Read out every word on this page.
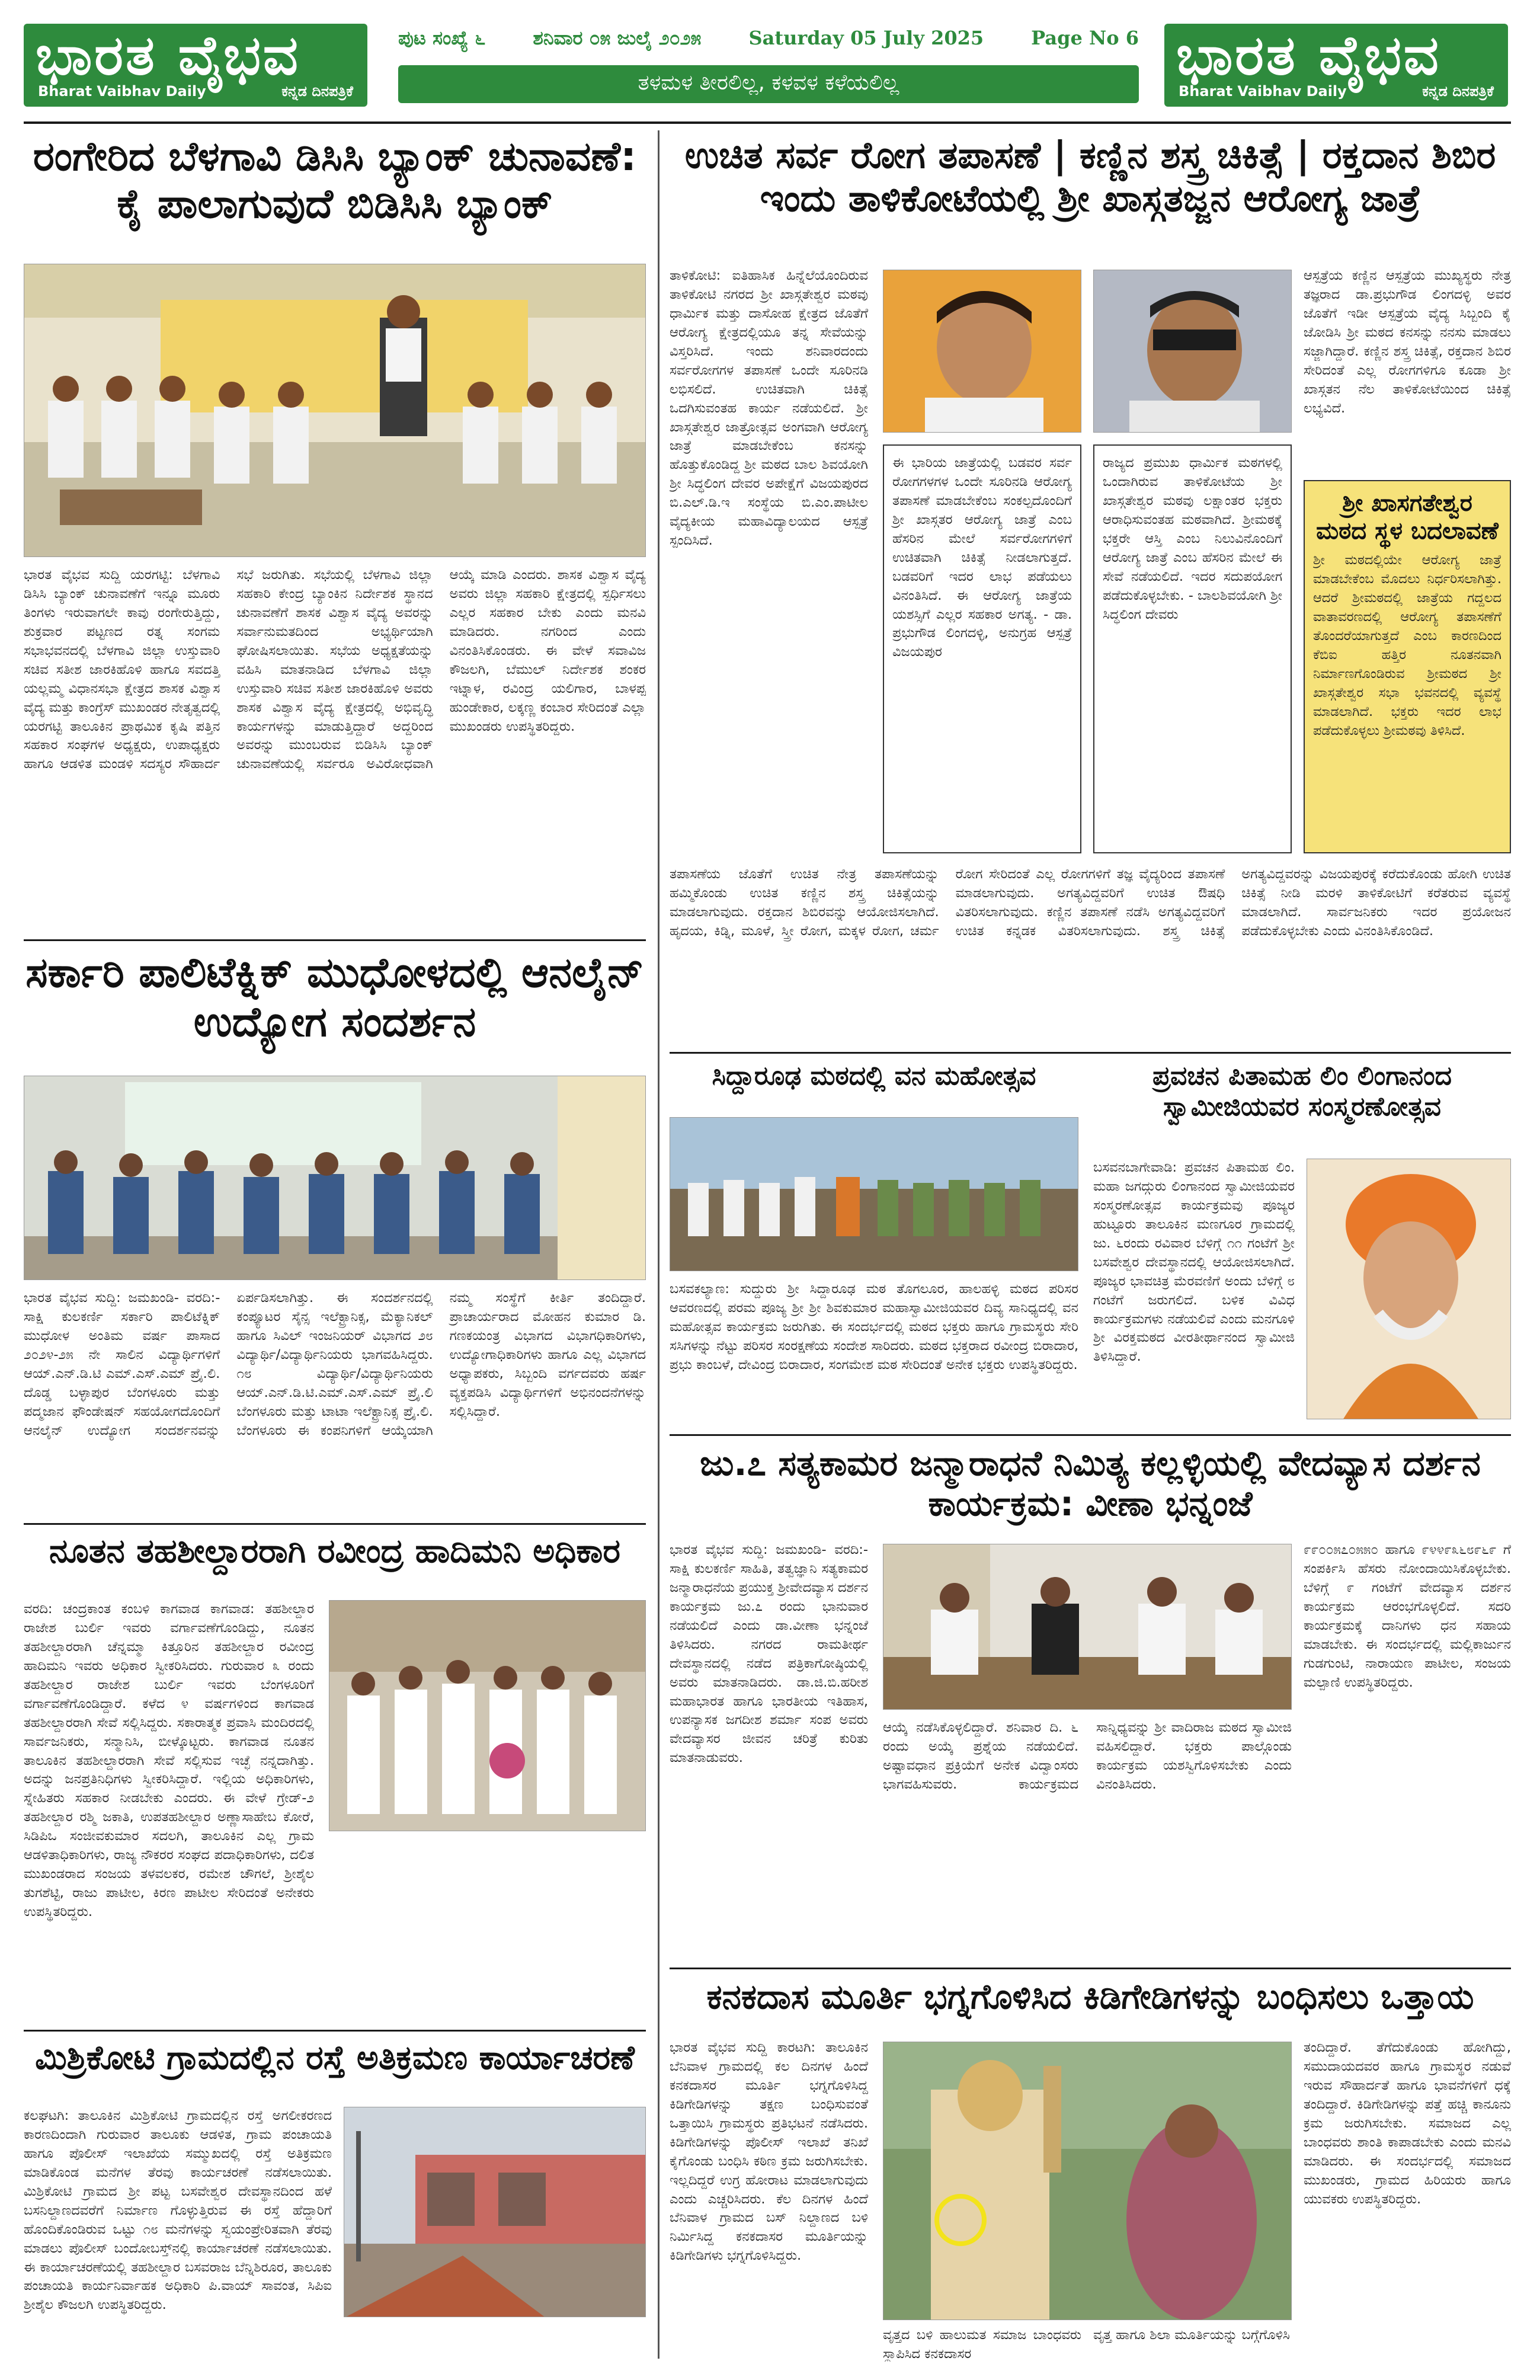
ಭಾರತ ವೈಭವ
Bharat Vaibhav Daily	ಕನ್ನಡ ದಿನಪತ್ರಿಕೆ
ಪುಟ ಸಂಖ್ಯೆ ೬	ಶನಿವಾರ ೦೫ ಜುಲೈ ೨೦೨೫	Saturday 05 July 2025	Page No 6
ತಳಮಳ ತೀರಲಿಲ್ಲ, ಕಳವಳ ಕಳೆಯಲಿಲ್ಲ	ಭಾರತ ವೈಭವ
Bharat Vaibhav Daily	ಕನ್ನಡ ದಿನಪತ್ರಿಕೆ
ರಂಗೇರಿದ ಬೆಳಗಾವಿ ಡಿಸಿಸಿ ಬ್ಯಾಂಕ್ ಚುನಾವಣೆ: ಕೈ ಪಾಲಾಗುವುದೆ ಬಿಡಿಸಿಸಿ ಬ್ಯಾಂಕ್
ಭಾರತ ವೈಭವ ಸುದ್ದಿ ಯರಗಟ್ಟಿ: ಬೆಳಗಾವಿ ಡಿಸಿಸಿ ಬ್ಯಾಂಕ್ ಚುನಾವಣೆಗೆ ಇನ್ನೂ ಮೂರು ತಿಂಗಳು ಇರುವಾಗಲೇ ಕಾವು ರಂಗೇರುತ್ತಿದ್ದು, ಶುಕ್ರವಾರ ಪಟ್ಟಣದ ರತ್ನ ಸಂಗಮ ಸಭಾಭವನದಲ್ಲಿ ಬೆಳಗಾವಿ ಜಿಲ್ಲಾ ಉಸ್ತುವಾರಿ ಸಚಿವ ಸತೀಶ ಜಾರಕಿಹೊಳಿ ಹಾಗೂ ಸವದತ್ತಿ ಯಲ್ಲಮ್ಮ ವಿಧಾನಸಭಾ ಕ್ಷೇತ್ರದ ಶಾಸಕ ವಿಶ್ವಾಸ ವೈದ್ಯ ಮತ್ತು ಕಾಂಗ್ರೆಸ್ ಮುಖಂಡರ ನೇತೃತ್ವದಲ್ಲಿ ಯರಗಟ್ಟಿ ತಾಲೂಕಿನ ಪ್ರಾಥಮಿಕ ಕೃಷಿ ಪತ್ತಿನ ಸಹಕಾರ ಸಂಘಗಳ ಅಧ್ಯಕ್ಷರು, ಉಪಾಧ್ಯಕ್ಷರು ಹಾಗೂ ಆಡಳಿತ ಮಂಡಳಿ ಸದಸ್ಯರ ಸೌಹಾರ್ದ ಸಭೆ ಜರುಗಿತು. ಸಭೆಯಲ್ಲಿ ಬೆಳಗಾವಿ ಜಿಲ್ಲಾ ಸಹಕಾರಿ ಕೇಂದ್ರ ಬ್ಯಾಂಕಿನ ನಿರ್ದೇಶಕ ಸ್ಥಾನದ ಚುನಾವಣೆಗೆ ಶಾಸಕ ವಿಶ್ವಾಸ ವೈದ್ಯ ಅವರನ್ನು ಸರ್ವಾನುಮತದಿಂದ ಅಭ್ಯರ್ಥಿಯಾಗಿ ಘೋಷಿಸಲಾಯಿತು. ಸಭೆಯ ಅಧ್ಯಕ್ಷತೆಯನ್ನು ವಹಿಸಿ ಮಾತನಾಡಿದ ಬೆಳಗಾವಿ ಜಿಲ್ಲಾ ಉಸ್ತುವಾರಿ ಸಚಿವ ಸತೀಶ ಜಾರಕಿಹೊಳಿ ಅವರು ಶಾಸಕ ವಿಶ್ವಾಸ ವೈದ್ಯ ಕ್ಷೇತ್ರದಲ್ಲಿ ಅಭಿವೃದ್ಧಿ ಕಾರ್ಯಗಳನ್ನು ಮಾಡುತ್ತಿದ್ದಾರೆ ಅದ್ದರಿಂದ ಅವರನ್ನು ಮುಂಬರುವ ಬಿಡಿಸಿಸಿ ಬ್ಯಾಂಕ್ ಚುನಾವಣೆಯಲ್ಲಿ ಸರ್ವರೂ ಅವಿರೋಧವಾಗಿ ಆಯ್ಕೆ ಮಾಡಿ ಎಂದರು. ಶಾಸಕ ವಿಶ್ವಾಸ ವೈದ್ಯ ಅವರು ಜಿಲ್ಲಾ ಸಹಕಾರಿ ಕ್ಷೇತ್ರದಲ್ಲಿ ಸ್ಪರ್ಧಿಸಲು ಎಲ್ಲರ ಸಹಕಾರ ಬೇಕು ಎಂದು ಮನವಿ ಮಾಡಿದರು. ನಗರಿಂದ ಎಂದು ವಿನಂತಿಸಿಕೊಂಡರು. ಈ ವೇಳೆ ಸವಾವಿಜ ಕೌಜಲಗಿ, ಬೆಮುಲ್ ನಿರ್ದೇಶಕ ಶಂಕರ ಇಟ್ನಾಳ, ರವಿಂದ್ರ ಯಲಿಗಾರ, ಬಾಳಪ್ಪ ಹುಂಡೇಕಾರ, ಲಕ್ಕಣ್ಣ ಕಂಬಾರ ಸೇರಿದಂತೆ ಎಲ್ಲಾ ಮುಖಂಡರು ಉಪಸ್ಥಿತರಿದ್ದರು.
ಸರ್ಕಾರಿ ಪಾಲಿಟೆಕ್ನಿಕ್ ಮುಧೋಳದಲ್ಲಿ ಆನಲೈನ್ ಉದ್ಯೋಗ ಸಂದರ್ಶನ
ಭಾರತ ವೈಭವ ಸುದ್ದಿ: ಜಮಖಂಡಿ- ವರದಿ:- ಸಾಕ್ಷಿ ಕುಲಕರ್ಣಿ ಸರ್ಕಾರಿ ಪಾಲಿಟೆಕ್ನಿಕ್ ಮುಧೋಳ ಅಂತಿಮ ವರ್ಷ ಪಾಸಾದ ೨೦೨೪-೨೫ ನೇ ಸಾಲಿನ ವಿದ್ಯಾರ್ಥಿಗಳಿಗೆ ಆಯ್.ಎನ್.ಡಿ.ಟಿ ಎಮ್.ಎಸ್.ಎಮ್ ಪ್ರೈ.ಲಿ. ದೊಡ್ಡ ಬಳ್ಳಾಪುರ ಬೆಂಗಳೂರು ಮತ್ತು ಪದ್ಮಜಾನ ಫೌಂಡೇಷನ್ ಸಹಯೋಗದೊಂದಿಗೆ ಆನಲೈನ್ ಉದ್ಯೋಗ ಸಂದರ್ಶನವನ್ನು ಏರ್ಪಡಿಸಲಾಗಿತ್ತು. ಈ ಸಂದರ್ಶನದಲ್ಲಿ ಕಂಪ್ಯೂಟರ ಸೈನ್ಸ ಇಲೆಕ್ಟ್ರಾನಿಕ್ಸ, ಮೆಕ್ಯಾನಿಕಲ್ ಹಾಗೂ ಸಿವಿಲ್ ಇಂಜನಿಯರ್ ವಿಭಾಗದ ೨೮ ವಿದ್ಯಾರ್ಥಿ/ವಿದ್ಯಾರ್ಥಿನಿಯರು ಭಾಗವಹಿಸಿದ್ದರು. ೧೮ ವಿದ್ಯಾರ್ಥಿ/ವಿದ್ಯಾರ್ಥಿನಿಯರು ಆಯ್.ಎನ್.ಡಿ.ಟಿ.ಎಮ್.ಎಸ್.ಎಮ್ ಪ್ರೈ.ಲಿ ಬೆಂಗಳೂರು ಮತ್ತು ಟಾಟಾ ಇಲೆಕ್ಟ್ರಾನಿಕ್ಸ ಪ್ರೈ.ಲಿ. ಬೆಂಗಳೂರು ಈ ಕಂಪನಿಗಳಿಗೆ ಆಯ್ಕೆಯಾಗಿ ನಮ್ಮ ಸಂಸ್ಥೆಗೆ ಕೀರ್ತಿ ತಂದಿದ್ದಾರೆ. ಪ್ರಾಚಾರ್ಯರಾದ ಮೋಹನ ಕುಮಾರ ಡಿ. ಗಣಕಯಂತ್ರ ವಿಭಾಗದ ವಿಭಾಗಧಿಕಾರಿಗಳು, ಉದ್ಯೋಗಾಧಿಕಾರಿಗಳು ಹಾಗೂ ಎಲ್ಲ ವಿಭಾಗದ ಅಧ್ಯಾಪಕರು, ಸಿಬ್ಬಂದಿ ವರ್ಗದವರು ಹರ್ಷ ವ್ಯಕ್ತಪಡಿಸಿ ವಿದ್ಯಾರ್ಥಿಗಳಿಗೆ ಅಭಿನಂದನೆಗಳನ್ನು ಸಲ್ಲಿಸಿದ್ದಾರೆ.
ನೂತನ ತಹಶೀಲ್ದಾರರಾಗಿ ರವೀಂದ್ರ ಹಾದಿಮನಿ ಅಧಿಕಾರ
ವರದಿ: ಚಂದ್ರಕಾಂತ ಕಂಬಳಿ ಕಾಗವಾಡ ಕಾಗವಾಡ: ತಹಶೀಲ್ದಾರ ರಾಜೇಶ ಬುರ್ಲಿ ಇವರು ವರ್ಗಾವಣೆಗೊಂಡಿದ್ದು, ನೂತನ ತಹಶೀಲ್ದಾರರಾಗಿ ಚೆನ್ನಮ್ಮಾ ಕಿತ್ತೂರಿನ ತಹಶೀಲ್ದಾರ ರವೀಂದ್ರ ಹಾದಿಮನಿ ಇವರು ಅಧಿಕಾರ ಸ್ವೀಕರಿಸಿದರು. ಗುರುವಾರ ೩ ರಂದು ತಹಶೀಲ್ದಾರ ರಾಜೇಶ ಬುರ್ಲಿ ಇವರು ಬೆಂಗಳೂರಿಗೆ ವರ್ಗಾವಣೆಗೊಂಡಿದ್ದಾರೆ. ಕಳೆದ ೪ ವರ್ಷಗಳಿಂದ ಕಾಗವಾಡ ತಹಶೀಲ್ದಾರರಾಗಿ ಸೇವೆ ಸಲ್ಲಿಸಿದ್ದರು. ಸಕಾರಾತ್ಮಕ ಪ್ರವಾಸಿ ಮಂದಿರದಲ್ಲಿ ಸಾರ್ವಜನಿಕರು, ಸನ್ಮಾನಿಸಿ, ಬೀಳ್ಕೊಟ್ಟರು. ಕಾಗವಾಡ ನೂತನ ತಾಲೂಕಿನ ತಹಶೀಲ್ದಾರರಾಗಿ ಸೇವೆ ಸಲ್ಲಿಸುವ ಇಚ್ಛೆ ನನ್ನದಾಗಿತ್ತು. ಅದನ್ನು ಜನಪ್ರತಿನಿಧಿಗಳು ಸ್ವೀಕರಿಸಿದ್ದಾರೆ. ಇಲ್ಲಿಯ ಅಧಿಕಾರಿಗಳು, ಸ್ನೇಹಿತರು ಸಹಕಾರ ನೀಡಬೇಕು ಎಂದರು. ಈ ವೇಳೆ ಗ್ರೇಡ್-೨ ತಹಶೀಲ್ದಾರ ರಶ್ಮಿ ಜಕಾತಿ, ಉಪತಹಶೀಲ್ದಾರ ಅಣ್ಣಾಸಾಹೇಬ ಕೋರೆ, ಸಿಡಿಪಿಒ ಸಂಜೀವಕುಮಾರ ಸದಲಗಿ, ತಾಲೂಕಿನ ಎಲ್ಲ ಗ್ರಾಮ ಆಡಳಿತಾಧಿಕಾರಿಗಳು, ರಾಜ್ಯ ನೌಕರರ ಸಂಘದ ಪದಾಧಿಕಾರಿಗಳು, ದಲಿತ ಮುಖಂಡರಾದ ಸಂಜಯ ತಳವಲಕರ, ರಮೇಶ ಚೌಗಲೆ, ಶ್ರೀಶೈಲ ತುಗಶೆಟ್ಟಿ, ರಾಜು ಪಾಟೀಲ, ಕಿರಣ ಪಾಟೀಲ ಸೇರಿದಂತೆ ಅನೇಕರು ಉಪಸ್ಥಿತರಿದ್ದರು.
ಮಿಶ್ರಿಕೋಟಿ ಗ್ರಾಮದಲ್ಲಿನ ರಸ್ತೆ ಅತಿಕ್ರಮಣ ಕಾರ್ಯಾಚರಣೆ
ಕಲಘಟಗಿ: ತಾಲೂಕಿನ ಮಿಶ್ರಿಕೋಟಿ ಗ್ರಾಮದಲ್ಲಿನ ರಸ್ತೆ ಅಗಲೀಕರಣದ ಕಾರಣದಿಂದಾಗಿ ಗುರುವಾರ ತಾಲೂಕು ಆಡಳಿತ, ಗ್ರಾಮ ಪಂಚಾಯತಿ ಹಾಗೂ ಪೊಲೀಸ್ ಇಲಾಖೆಯ ಸಮ್ಮುಖದಲ್ಲಿ ರಸ್ತೆ ಅತಿಕ್ರಮಣ ಮಾಡಿಕೊಂಡ ಮನೆಗಳ ತೆರವು ಕಾರ್ಯಚರಣೆ ನಡೆಸಲಾಯಿತು. ಮಿಶ್ರಿಕೋಟಿ ಗ್ರಾಮದ ಶ್ರೀ ಪಟ್ಟ ಬಸವೇಶ್ವರ ದೇವಸ್ಥಾನದಿಂದ ಹಳೆ ಬಸನಿಲ್ದಾಣದವರೆಗೆ ನಿರ್ಮಾಣ ಗೊಳ್ಳುತ್ತಿರುವ ಈ ರಸ್ತೆ ಹೆದ್ದಾರಿಗೆ ಹೊಂದಿಕೊಂಡಿರುವ ಒಟ್ಟು ೧೮ ಮನೆಗಳನ್ನು ಸ್ವಯಂಪ್ರೇರಿತವಾಗಿ ತೆರವು ಮಾಡಲು ಪೊಲೀಸ್ ಬಂದೋಬಸ್ತ್‌ನಲ್ಲಿ ಕಾರ್ಯಾಚರಣೆ ನಡೆಸಲಾಯಿತು. ಈ ಕಾರ್ಯಾಚರಣೆಯಲ್ಲಿ ತಹಶೀಲ್ದಾರ ಬಸವರಾಜ ಬೆನ್ನಿಶಿರೂರ, ತಾಲೂಕು ಪಂಚಾಯತಿ ಕಾರ್ಯನಿರ್ವಾಹಕ ಅಧಿಕಾರಿ ಪಿ.ವಾಯ್ ಸಾವಂತ, ಸಿಪಿಐ ಶ್ರೀಶೈಲ ಕೌಜಲಗಿ ಉಪಸ್ಥಿತರಿದ್ದರು.
ಉಚಿತ ಸರ್ವ ರೋಗ ತಪಾಸಣೆ | ಕಣ್ಣಿನ ಶಸ್ತ್ರ ಚಿಕಿತ್ಸೆ | ರಕ್ತದಾನ ಶಿಬಿರ ಇಂದು ತಾಳಿಕೋಟೆಯಲ್ಲಿ ಶ್ರೀ ಖಾಸ್ಗತಜ್ಜನ ಆರೋಗ್ಯ ಜಾತ್ರೆ
ತಾಳಿಕೋಟಿ: ಐತಿಹಾಸಿಕ ಹಿನ್ನೆಲೆಯೊಂದಿರುವ ತಾಳಿಕೋಟಿ ನಗರದ ಶ್ರೀ ಖಾಸ್ಗತೇಶ್ವರ ಮಠವು ಧಾರ್ಮಿಕ ಮತ್ತು ದಾಸೋಹ ಕ್ಷೇತ್ರದ ಜೊತೆಗೆ ಆರೋಗ್ಯ ಕ್ಷೇತ್ರದಲ್ಲಿಯೂ ತನ್ನ ಸೇವೆಯನ್ನು ವಿಸ್ತರಿಸಿದೆ. ಇಂದು ಶನಿವಾರದಂದು ಸರ್ವರೋಗಗಳ ತಪಾಸಣೆ ಒಂದೇ ಸೂರಿನಡಿ ಲಭಿಸಲಿದೆ. ಉಚಿತವಾಗಿ ಚಿಕಿತ್ಸೆ ಒದಗಿಸುವಂತಹ ಕಾರ್ಯ ನಡೆಯಲಿದೆ. ಶ್ರೀ ಖಾಸ್ಗತೇಶ್ವರ ಜಾತ್ರೋತ್ಸವ ಅಂಗವಾಗಿ ಆರೋಗ್ಯ ಜಾತ್ರೆ ಮಾಡಬೇಕೆಂಬ ಕನಸನ್ನು ಹೊತ್ತುಕೊಂಡಿದ್ದ ಶ್ರೀ ಮಠದ ಬಾಲ ಶಿವಯೋಗಿ ಶ್ರೀ ಸಿದ್ಧಲಿಂಗ ದೇವರ ಅಪೇಕ್ಷೆಗೆ ವಿಜಯಪುರದ ಬಿ.ಎಲ್.ಡಿ.ಇ ಸಂಸ್ಥೆಯ ಬಿ.ಎಂ.ಪಾಟೀಲ ವೈದ್ಯಕೀಯ ಮಹಾವಿದ್ಯಾಲಯದ ಆಸ್ಪತ್ರೆ ಸ್ಪಂದಿಸಿದೆ.
ಆಸ್ಪತ್ರೆಯ ಕಣ್ಣಿನ ಆಸ್ಪತ್ರೆಯ ಮುಖ್ಯಸ್ಥರು ನೇತ್ರ ತಜ್ಞರಾದ ಡಾ.ಪ್ರಭುಗೌಡ ಲಿಂಗದಳ್ಳಿ ಅವರ ಜೊತೆಗೆ ಇಡೀ ಆಸ್ಪತ್ರೆಯ ವೈದ್ಯ ಸಿಬ್ಬಂದಿ ಕೈ ಜೋಡಿಸಿ ಶ್ರೀ ಮಠದ ಕನಸನ್ನು ನನಸು ಮಾಡಲು ಸಜ್ಜಾಗಿದ್ದಾರೆ. ಕಣ್ಣಿನ ಶಸ್ತ್ರ ಚಿಕಿತ್ಸೆ, ರಕ್ತದಾನ ಶಿಬಿರ ಸೇರಿದಂತೆ ಎಲ್ಲ ರೋಗಗಳಿಗೂ ಕೂಡಾ ಶ್ರೀ ಖಾಸ್ಗತನ ನೆಲ ತಾಳಿಕೋಟೆಯಿಂದ ಚಿಕಿತ್ಸೆ ಲಭ್ಯವಿದೆ.
ಈ ಭಾರಿಯ ಜಾತ್ರೆಯಲ್ಲಿ ಬಡವರ ಸರ್ವ ರೋಗಗಳಗಳ ಒಂದೇ ಸೂರಿನಡಿ ಆರೋಗ್ಯ ತಪಾಸಣೆ ಮಾಡಬೇಕೆಂಬ ಸಂಕಲ್ಪದೊಂದಿಗೆ ಶ್ರೀ ಖಾಸ್ಗತರ ಆರೋಗ್ಯ ಜಾತ್ರೆ ಎಂಬ ಹೆಸರಿನ ಮೇಲೆ ಸರ್ವರೋಗಗಳಿಗೆ ಉಚಿತವಾಗಿ ಚಿಕಿತ್ಸೆ ನೀಡಲಾಗುತ್ತದೆ. ಬಡವರಿಗೆ ಇದರ ಲಾಭ ಪಡೆಯಲು ವಿನಂತಿಸಿದೆ. ಈ ಆರೋಗ್ಯ ಜಾತ್ರೆಯ ಯಶಸ್ಸಿಗೆ ಎಲ್ಲರ ಸಹಕಾರ ಅಗತ್ಯ. - ಡಾ. ಪ್ರಭುಗೌಡ ಲಿಂಗದಳ್ಳಿ, ಅನುಗ್ರಹ ಆಸ್ಪತ್ರೆ ವಿಜಯಪುರ
ರಾಜ್ಯದ ಪ್ರಮುಖ ಧಾರ್ಮಿಕ ಮಠಗಳಲ್ಲಿ ಒಂದಾಗಿರುವ ತಾಳಿಕೋಟೆಯ ಶ್ರೀ ಖಾಸ್ಗತೇಶ್ವರ ಮಠವು ಲಕ್ಷಾಂತರ ಭಕ್ತರು ಆರಾಧಿಸುವಂತಹ ಮಠವಾಗಿದೆ. ಶ್ರೀಮಠಕ್ಕೆ ಭಕ್ತರೇ ಆಸ್ತಿ ಎಂಬ ನಿಲುವಿನೊಂದಿಗೆ ಆರೋಗ್ಯ ಜಾತ್ರೆ ಎಂಬ ಹೆಸರಿನ ಮೇಲೆ ಈ ಸೇವೆ ನಡೆಯಲಿದೆ. ಇದರ ಸದುಪಯೋಗ ಪಡೆದುಕೊಳ್ಳಬೇಕು. - ಬಾಲಶಿವಯೋಗಿ ಶ್ರೀ ಸಿದ್ಧಲಿಂಗ ದೇವರು
ಶ್ರೀ ಖಾಸಗತೇಶ್ವರ ಮಠದ ಸ್ಥಳ ಬದಲಾವಣೆ
ಶ್ರೀ ಮಠದಲ್ಲಿಯೇ ಆರೋಗ್ಯ ಜಾತ್ರೆ ಮಾಡಬೇಕೆಂಬ ಮೊದಲು ನಿರ್ಧರಿಸಲಾಗಿತ್ತು. ಆದರೆ ಶ್ರೀಮಠದಲ್ಲಿ ಜಾತ್ರೆಯ ಗದ್ದಲದ ವಾತಾವರಣದಲ್ಲಿ ಆರೋಗ್ಯ ತಪಾಸಣೆಗೆ ತೊಂದರೆಯಾಗುತ್ತದೆ ಎಂಬ ಕಾರಣದಿಂದ ಕೆಬಿಐ ಹತ್ತಿರ ನೂತನವಾಗಿ ನಿರ್ಮಾಣಗೊಂಡಿರುವ ಶ್ರೀಮಠದ ಶ್ರೀ ಖಾಸ್ಗತೇಶ್ವರ ಸಭಾ ಭವನದಲ್ಲಿ ವ್ಯವಸ್ಥೆ ಮಾಡಲಾಗಿದೆ. ಭಕ್ತರು ಇದರ ಲಾಭ ಪಡೆದುಕೊಳ್ಳಲು ಶ್ರೀಮಠವು ತಿಳಿಸಿದೆ.
ತಪಾಸಣೆಯ ಜೊತೆಗೆ ಉಚಿತ ನೇತ್ರ ತಪಾಸಣೆಯನ್ನು ಹಮ್ಮಿಕೊಂಡು ಉಚಿತ ಕಣ್ಣಿನ ಶಸ್ತ್ರ ಚಿಕಿತ್ಸೆಯನ್ನು ಮಾಡಲಾಗುವುದು. ರಕ್ತದಾನ ಶಿಬಿರವನ್ನು ಆಯೋಜಿಸಲಾಗಿದೆ. ಹೃದಯ, ಕಿಡ್ನಿ, ಮೂಳೆ, ಸ್ತ್ರೀ ರೋಗ, ಮಕ್ಕಳ ರೋಗ, ಚರ್ಮ ರೋಗ ಸೇರಿದಂತೆ ಎಲ್ಲ ರೋಗಗಳಿಗೆ ತಜ್ಞ ವೈದ್ಯರಿಂದ ತಪಾಸಣೆ ಮಾಡಲಾಗುವುದು. ಅಗತ್ಯವಿದ್ದವರಿಗೆ ಉಚಿತ ಔಷಧಿ ವಿತರಿಸಲಾಗುವುದು. ಕಣ್ಣಿನ ತಪಾಸಣೆ ನಡೆಸಿ ಅಗತ್ಯವಿದ್ದವರಿಗೆ ಉಚಿತ ಕನ್ನಡಕ ವಿತರಿಸಲಾಗುವುದು. ಶಸ್ತ್ರ ಚಿಕಿತ್ಸೆ ಅಗತ್ಯವಿದ್ದವರನ್ನು ವಿಜಯಪುರಕ್ಕೆ ಕರೆದುಕೊಂಡು ಹೋಗಿ ಉಚಿತ ಚಿಕಿತ್ಸೆ ನೀಡಿ ಮರಳಿ ತಾಳಿಕೋಟಿಗೆ ಕರೆತರುವ ವ್ಯವಸ್ಥೆ ಮಾಡಲಾಗಿದೆ. ಸಾರ್ವಜನಿಕರು ಇದರ ಪ್ರಯೋಜನ ಪಡೆದುಕೊಳ್ಳಬೇಕು ಎಂದು ವಿನಂತಿಸಿಕೊಂಡಿದೆ.
ಸಿದ್ದಾರೂಢ ಮಠದಲ್ಲಿ ವನ ಮಹೋತ್ಸವ
ಬಸವಕಲ್ಯಾಣ: ಸುದ್ದುರು ಶ್ರೀ ಸಿದ್ದಾರೂಢ ಮಠ ತೊಗಲೂರ, ಹಾಲಹಳ್ಳಿ ಮಠದ ಪರಿಸರ ಆವರಣದಲ್ಲಿ ಪರಮ ಪೂಜ್ಯ ಶ್ರೀ ಶ್ರೀ ಶಿವಕುಮಾರ ಮಹಾಸ್ವಾಮೀಜಿಯವರ ದಿವ್ಯ ಸಾನಿಧ್ಯದಲ್ಲಿ ವನ ಮಹೋತ್ಸವ ಕಾರ್ಯಕ್ರಮ ಜರುಗಿತು. ಈ ಸಂದರ್ಭದಲ್ಲಿ ಮಠದ ಭಕ್ತರು ಹಾಗೂ ಗ್ರಾಮಸ್ಥರು ಸೇರಿ ಸಸಿಗಳನ್ನು ನೆಟ್ಟು ಪರಿಸರ ಸಂರಕ್ಷಣೆಯ ಸಂದೇಶ ಸಾರಿದರು. ಮಠದ ಭಕ್ತರಾದ ರವೀಂದ್ರ ಬಿರಾದಾರ, ಪ್ರಭು ಕಾಂಬಳೆ, ದೇವಿಂದ್ರ ಬಿರಾದಾರ, ಸಂಗಮೇಶ ಮಠ ಸೇರಿದಂತೆ ಅನೇಕ ಭಕ್ತರು ಉಪಸ್ಥಿತರಿದ್ದರು.
ಪ್ರವಚನ ಪಿತಾಮಹ ಲಿಂ ಲಿಂಗಾನಂದ ಸ್ವಾಮೀಜಿಯವರ ಸಂಸ್ಮರಣೋತ್ಸವ
ಬಸವನಬಾಗೇವಾಡಿ: ಪ್ರವಚನ ಪಿತಾಮಹ ಲಿಂ. ಮಹಾ ಜಗದ್ಗುರು ಲಿಂಗಾನಂದ ಸ್ವಾಮೀಜಿಯವರ ಸಂಸ್ಮರಣೋತ್ಸವ ಕಾರ್ಯಕ್ರಮವು ಪೂಜ್ಯರ ಹುಟ್ಟೂರು ತಾಲೂಕಿನ ಮಣಗೂರ ಗ್ರಾಮದಲ್ಲಿ ಜು. ೬ರಂದು ರವಿವಾರ ಬೆಳಿಗ್ಗೆ ೧೧ ಗಂಟೆಗೆ ಶ್ರೀ ಬಸವೇಶ್ವರ ದೇವಸ್ಥಾನದಲ್ಲಿ ಆಯೋಜಿಸಲಾಗಿದೆ. ಪೂಜ್ಯರ ಭಾವಚಿತ್ರ ಮೆರವಣಿಗೆ ಅಂದು ಬೆಳಿಗ್ಗೆ ೮ ಗಂಟೆಗೆ ಜರುಗಲಿದೆ. ಬಳಿಕ ವಿವಿಧ ಕಾರ್ಯಕ್ರಮಗಳು ನಡೆಯಲಿವೆ ಎಂದು ಮನಗೂಳಿ ಶ್ರೀ ವಿರಕ್ತಮಠದ ವೀರತೀರ್ಥಾನಂದ ಸ್ವಾಮೀಜಿ ತಿಳಿಸಿದ್ದಾರೆ.
ಜು.೭ ಸತ್ಯಕಾಮರ ಜನ್ಮಾರಾಧನೆ ನಿಮಿತ್ಯ ಕಲ್ಲಳ್ಳಿಯಲ್ಲಿ ವೇದವ್ಯಾಸ ದರ್ಶನ ಕಾರ್ಯಕ್ರಮ: ವೀಣಾ ಭನ್ನಂಜೆ
ಭಾರತ ವೈಭವ ಸುದ್ದಿ: ಜಮಖಂಡಿ- ವರದಿ:- ಸಾಕ್ಷಿ ಕುಲಕರ್ಣಿ ಸಾಹಿತಿ, ತತ್ವಜ್ಞಾನಿ ಸತ್ಯಕಾಮರ ಜನ್ಮಾರಾಧನೆಯ ಪ್ರಯುಕ್ತ ಶ್ರೀವೇದವ್ಯಾಸ ದರ್ಶನ ಕಾರ್ಯಕ್ರಮ ಜು.೭ ರಂದು ಭಾನುವಾರ ನಡೆಯಲಿದೆ ಎಂದು ಡಾ.ವೀಣಾ ಭನ್ನಂಜೆ ತಿಳಿಸಿದರು. ನಗರದ ರಾಮತೀರ್ಥ ದೇವಸ್ಥಾನದಲ್ಲಿ ನಡೆದ ಪತ್ರಿಕಾಗೋಷ್ಠಿಯಲ್ಲಿ ಅವರು ಮಾತನಾಡಿದರು. ಡಾ.ಜಿ.ಬಿ.ಹರೀಶ ಮಹಾಭಾರತ ಹಾಗೂ ಭಾರತೀಯ ಇತಿಹಾಸ, ಉಪನ್ಯಾಸಕ ಜಗದೀಶ ಶರ್ಮಾ ಸಂಪ ಅವರು ವೇದವ್ಯಾಸರ ಜೀವನ ಚರಿತ್ರೆ ಕುರಿತು ಮಾತನಾಡುವರು.
ಆಯ್ಕೆ ನಡೆಸಿಕೊಳ್ಳಲಿದ್ದಾರೆ. ಶನಿವಾರ ದಿ. ೬ ರಂದು ಅಯ್ಕೆ ಪ್ರಶ್ನೆಯ ನಡೆಯಲಿದೆ. ಅಷ್ಟಾವಧಾನ ಪ್ರಕ್ರಿಯೆಗೆ ಅನೇಕ ವಿದ್ವಾಂಸರು ಭಾಗವಹಿಸುವರು. ಕಾರ್ಯಕ್ರಮದ ಸಾನ್ನಿಧ್ಯವನ್ನು ಶ್ರೀ ವಾದಿರಾಜ ಮಠದ ಸ್ವಾಮೀಜಿ ವಹಿಸಲಿದ್ದಾರೆ. ಭಕ್ತರು ಪಾಲ್ಗೊಂಡು ಕಾರ್ಯಕ್ರಮ ಯಶಸ್ವಿಗೊಳಿಸಬೇಕು ಎಂದು ವಿನಂತಿಸಿದರು.
೯೯೦೦೫೭೦೫೫೦ ಹಾಗೂ ೯೪೪೯೩೬೮೯೬೯ ಗೆ ಸಂಪರ್ಕಿಸಿ ಹೆಸರು ನೋಂದಾಯಿಸಿಕೊಳ್ಳಬೇಕು. ಬೆಳಿಗ್ಗೆ ೯ ಗಂಟೆಗೆ ವೇದವ್ಯಾಸ ದರ್ಶನ ಕಾರ್ಯಕ್ರಮ ಆರಂಭಗೊಳ್ಳಲಿದೆ. ಸದರಿ ಕಾರ್ಯಕ್ರಮಕ್ಕೆ ದಾನಿಗಳು ಧನ ಸಹಾಯ ಮಾಡಬೇಕು. ಈ ಸಂದರ್ಭದಲ್ಲಿ ಮಲ್ಲಿಕಾರ್ಜುನ ಗುಡಗುಂಟಿ, ನಾರಾಯಣ ಪಾಟೀಲ, ಸಂಜಯ ಮಲ್ಪಾಣಿ ಉಪಸ್ಥಿತರಿದ್ದರು.
ಕನಕದಾಸ ಮೂರ್ತಿ ಭಗ್ನಗೊಳಿಸಿದ ಕಿಡಿಗೇಡಿಗಳನ್ನು ಬಂಧಿಸಲು ಒತ್ತಾಯ
ಭಾರತ ವೈಭವ ಸುದ್ದಿ ಕಾರಟಗಿ: ತಾಲೂಕಿನ ಬೆನಿವಾಳ ಗ್ರಾಮದಲ್ಲಿ ಕಲ ದಿನಗಳ ಹಿಂದೆ ಕನಕದಾಸರ ಮೂರ್ತಿ ಭಗ್ನಗೊಳಿಸಿದ್ದ ಕಿಡಿಗೇಡಿಗಳನ್ನು ತಕ್ಷಣ ಬಂಧಿಸುವಂತೆ ಒತ್ತಾಯಿಸಿ ಗ್ರಾಮಸ್ಥರು ಪ್ರತಿಭಟನೆ ನಡೆಸಿದರು. ಕಿಡಿಗೇಡಿಗಳನ್ನು ಪೊಲೀಸ್ ಇಲಾಖೆ ತನಿಖೆ ಕೈಗೊಂಡು ಬಂಧಿಸಿ ಕಠಿಣ ಕ್ರಮ ಜರುಗಿಸಬೇಕು. ಇಲ್ಲದಿದ್ದರೆ ಉಗ್ರ ಹೋರಾಟ ಮಾಡಲಾಗುವುದು ಎಂದು ಎಚ್ಚರಿಸಿದರು. ಕೆಲ ದಿನಗಳ ಹಿಂದೆ ಬೆನಿವಾಳ ಗ್ರಾಮದ ಬಸ್ ನಿಲ್ದಾಣದ ಬಳಿ ನಿರ್ಮಿಸಿದ್ದ ಕನಕದಾಸರ ಮೂರ್ತಿಯನ್ನು ಕಿಡಿಗೇಡಿಗಳು ಭಗ್ನಗೊಳಿಸಿದ್ದರು.
ವೃತ್ತದ ಬಳಿ ಹಾಲುಮತ ಸಮಾಜ ಬಾಂಧವರು ಸ್ಥಾಪಿಸಿದ ಕನಕದಾಸರ
ವೃತ್ತ ಹಾಗೂ ಶಿಲಾ ಮೂರ್ತಿಯನ್ನು ಬಗ್ಗೆಗೊಳಿಸಿ
ತಂದಿದ್ದಾರೆ. ತೆಗೆದುಕೊಂಡು ಹೋಗಿದ್ದು, ಸಮುದಾಯದವರ ಹಾಗೂ ಗ್ರಾಮಸ್ಥರ ನಡುವೆ ಇರುವ ಸೌಹಾರ್ದತೆ ಹಾಗೂ ಭಾವನೆಗಳಿಗೆ ಧಕ್ಕೆ ತಂದಿದ್ದಾರೆ. ಕಿಡಿಗೇಡಿಗಳನ್ನು ಪತ್ತೆ ಹಚ್ಚಿ ಕಾನೂನು ಕ್ರಮ ಜರುಗಿಸಬೇಕು. ಸಮಾಜದ ಎಲ್ಲ ಬಾಂಧವರು ಶಾಂತಿ ಕಾಪಾಡಬೇಕು ಎಂದು ಮನವಿ ಮಾಡಿದರು. ಈ ಸಂದರ್ಭದಲ್ಲಿ ಸಮಾಜದ ಮುಖಂಡರು, ಗ್ರಾಮದ ಹಿರಿಯರು ಹಾಗೂ ಯುವಕರು ಉಪಸ್ಥಿತರಿದ್ದರು.
